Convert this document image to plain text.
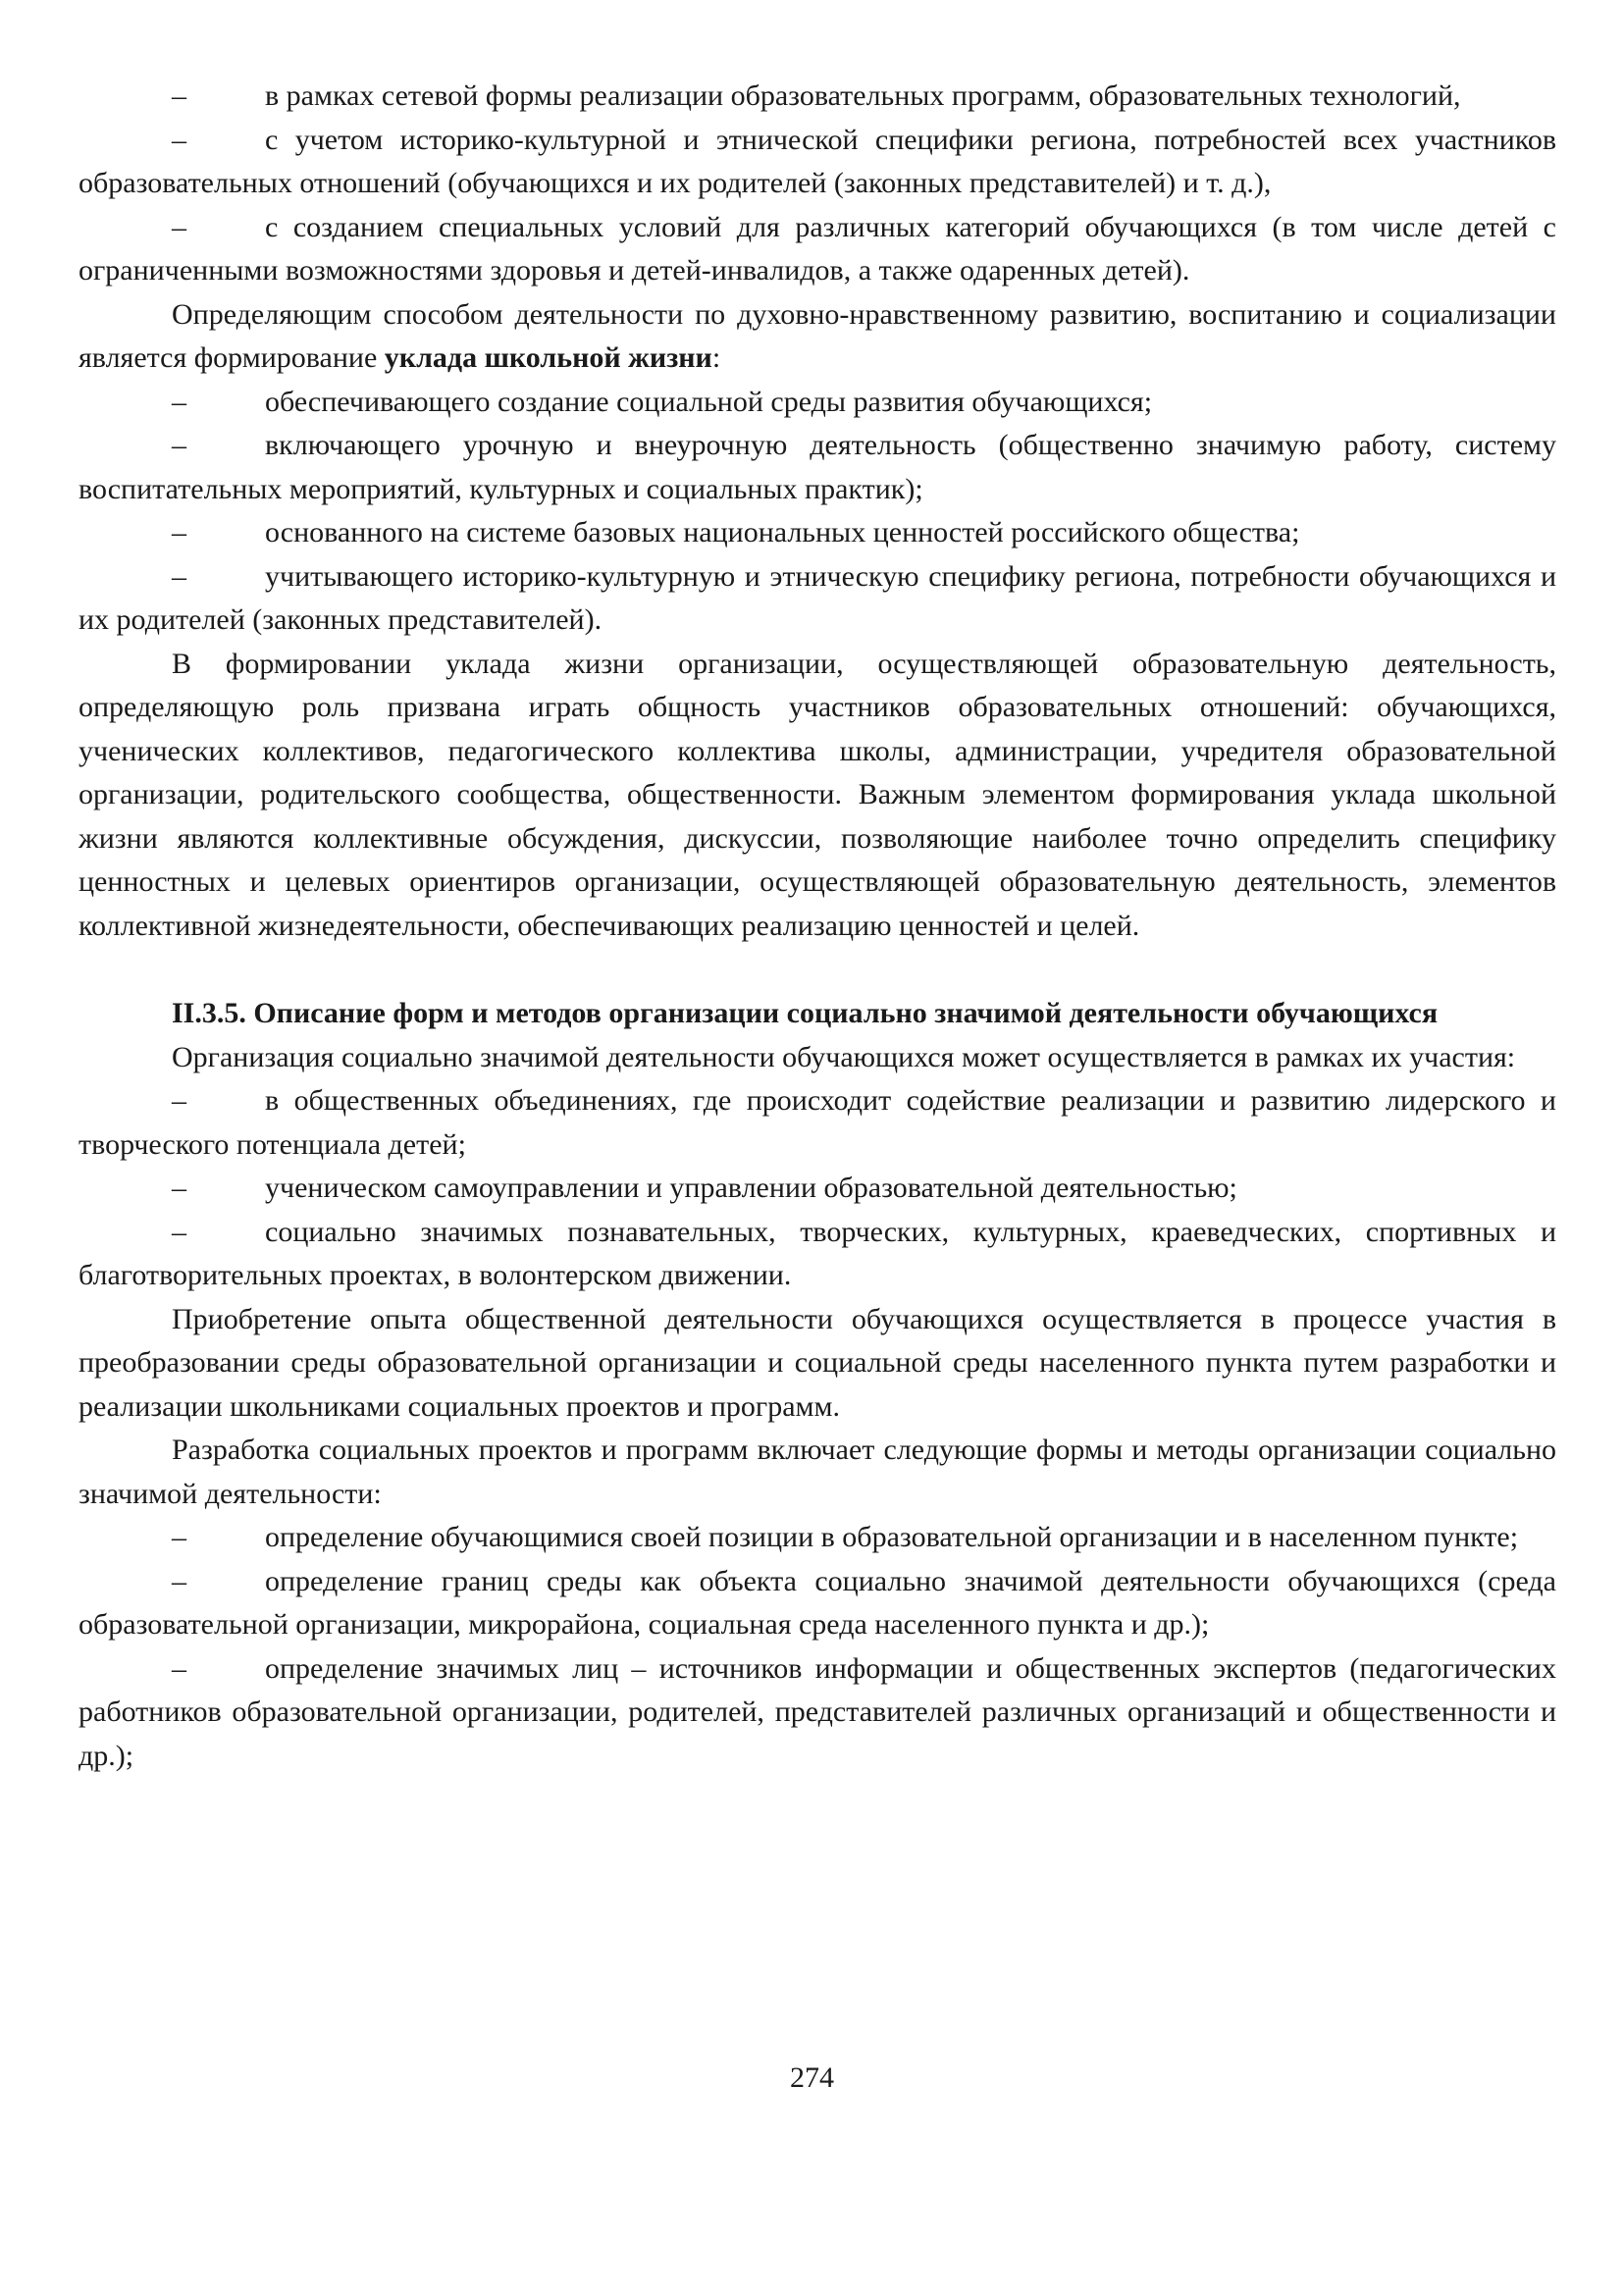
–	в рамках сетевой формы реализации образовательных программ, образовательных технологий,

–	с учетом историко-культурной и этнической специфики региона, потребностей всех участников образовательных отношений (обучающихся и их родителей (законных представителей) и т. д.),

–	с созданием специальных условий для различных категорий обучающихся (в том числе детей с ограниченными возможностями здоровья и детей-инвалидов, а также одаренных детей).

Определяющим способом деятельности по духовно-нравственному развитию, воспитанию и социализации является формирование уклада школьной жизни:

–	обеспечивающего создание социальной среды развития обучающихся;

–	включающего урочную и внеурочную деятельность (общественно значимую работу, систему воспитательных мероприятий, культурных и социальных практик);

–	основанного на системе базовых национальных ценностей российского общества;

–	учитывающего историко-культурную и этническую специфику региона, потребности обучающихся и их родителей (законных представителей).

В формировании уклада жизни организации, осуществляющей образовательную деятельность, определяющую роль призвана играть общность участников образовательных отношений: обучающихся, ученических коллективов, педагогического коллектива школы, администрации, учредителя образовательной организации, родительского сообщества, общественности. Важным элементом формирования уклада школьной жизни являются коллективные обсуждения, дискуссии, позволяющие наиболее точно определить специфику ценностных и целевых ориентиров организации, осуществляющей образовательную деятельность, элементов коллективной жизнедеятельности, обеспечивающих реализацию ценностей и целей.

II.3.5. Описание форм и методов организации социально значимой деятельности обучающихся

Организация социально значимой деятельности обучающихся может осуществляется в рамках их участия:

–	в общественных объединениях, где происходит содействие реализации и развитию лидерского и творческого потенциала детей;

–	ученическом самоуправлении и управлении образовательной деятельностью;

–	социально значимых познавательных, творческих, культурных, краеведческих, спортивных и благотворительных проектах, в волонтерском движении.

Приобретение опыта общественной деятельности обучающихся осуществляется в процессе участия в преобразовании среды образовательной организации и социальной среды населенного пункта путем разработки и реализации школьниками социальных проектов и программ.

Разработка социальных проектов и программ включает следующие формы и методы организации социально значимой деятельности:

–	определение обучающимися своей позиции в образовательной организации и в населенном пункте;

–	определение границ среды как объекта социально значимой деятельности обучающихся (среда образовательной организации, микрорайона, социальная среда населенного пункта и др.);

–	определение значимых лиц – источников информации и общественных экспертов (педагогических работников образовательной организации, родителей, представителей различных организаций и общественности и др.);

274
